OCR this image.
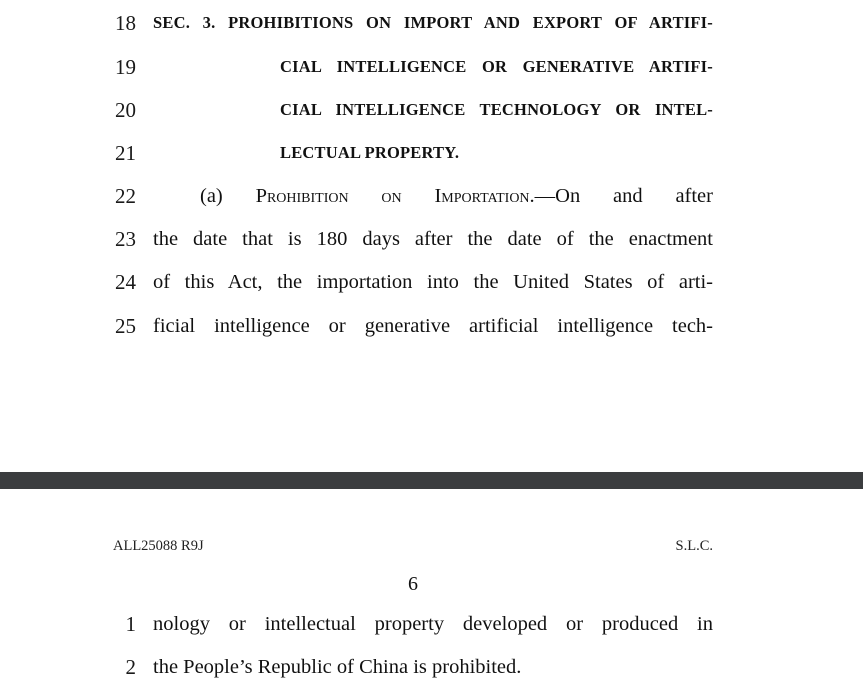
18 SEC. 3. PROHIBITIONS ON IMPORT AND EXPORT OF ARTIFI-
19	CIAL INTELLIGENCE OR GENERATIVE ARTIFI-
20	CIAL INTELLIGENCE TECHNOLOGY OR INTEL-
21	LECTUAL PROPERTY.
22	(a) Prohibition on Importation.—On and after
23 the date that is 180 days after the date of the enactment
24 of this Act, the importation into the United States of arti-
25 ficial intelligence or generative artificial intelligence tech-
ALL25088 R9J	S.L.C.
6
1 nology or intellectual property developed or produced in
2 the People’s Republic of China is prohibited.
